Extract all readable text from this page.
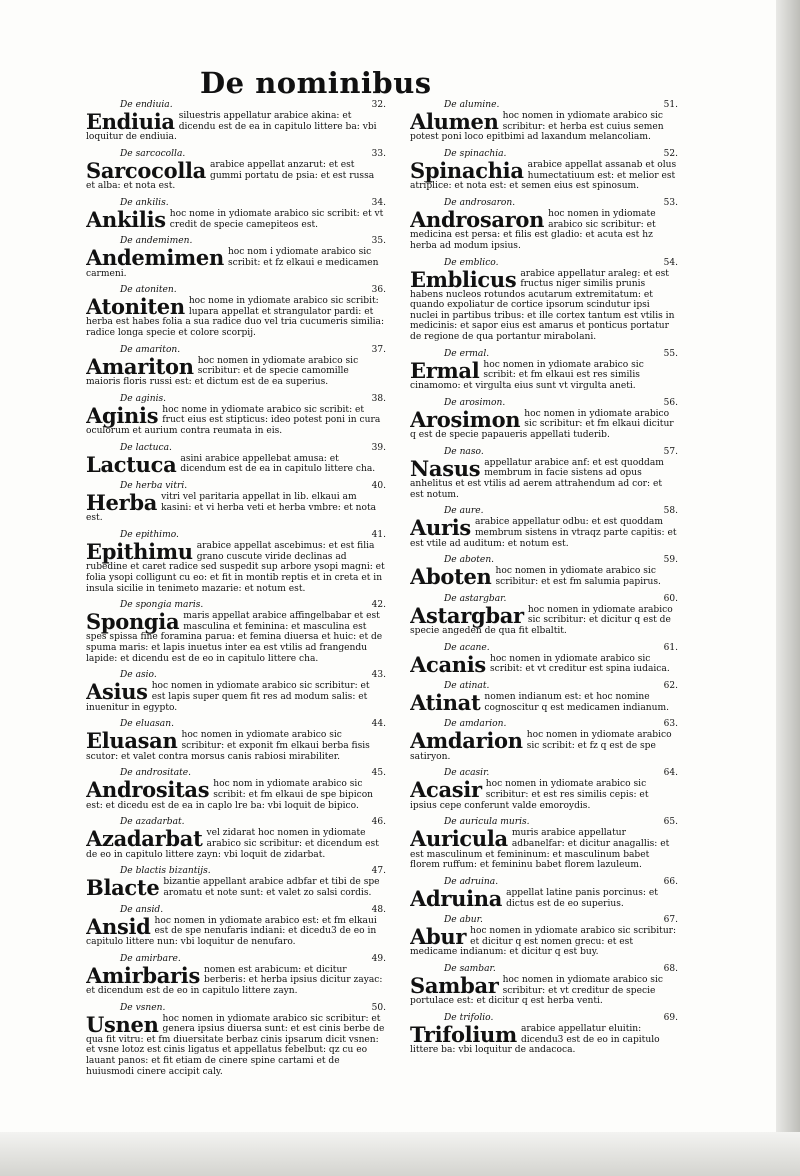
De nominibus
De endiuia.	32.
Endiuia siluestris appellatur arabice akina: et dicendu est de ea in capitulo littere ba: vbi loquitur de endiuia.
De sarcocolla.	33.
Sarcocolla arabice appellat anzarut: et est gummi portatu de psia: et est russa et alba: et nota est.
De ankilis.	34.
Ankilis hoc nome in ydiomate arabico sic scribit: et vt credit de specie camepiteos est.
De andemimen.	35.
Andemimen hoc nom i ydiomate arabico sic scribit: et fz elkaui e medicamen carmeni.
De atoniten.	36.
Atoniten hoc nome in ydiomate arabico sic scribit: lupara appellat et strangulator pardi: et herba est habes folia a sua radice duo vel tria cucumeris similia: radice longa specie et colore scorpij.
De amariton.	37.
Amariton hoc nomen in ydiomate arabico sic scribitur: et de specie camomille maioris floris russi est: et dictum est de ea superius.
De aginis.	38.
Aginis hoc nome in ydiomate arabico sic scribit: et fruct eius est stipticus: ideo potest poni in cura oculorum et aurium contra reumata in eis.
De lactuca.	39.
Lactuca asini arabice appellebat amusa: et dicendum est de ea in capitulo littere cha.
De herba vitri.	40.
Herba vitri vel paritaria appellat in lib. elkaui am kasini: et vi herba veti et herba vmbre: et nota est.
De epithimo.	41.
Epithimu arabice appellat ascebimus: et est filia grano cuscute viride declinas ad rubedine et caret radice sed suspedit sup arbore ysopi magni: et folia ysopi colligunt cu eo: et fit in montib reptis et in creta et in insula sicilie in tenimeto mazarie: et notum est.
De spongia maris.	42.
Spongia maris appellat arabice affingelbabar et est masculina et feminina: et masculina est spes spissa fine foramina parua: et femina diuersa et huic: et de spuma maris: et lapis inuetus inter ea est vtilis ad frangendu lapide: et dicendu est de eo in capitulo littere cha.
De asio.	43.
Asius hoc nomen in ydiomate arabico sic scribitur: et est lapis super quem fit res ad modum salis: et inuenitur in egypto.
De eluasan.	44.
Eluasan hoc nomen in ydiomate arabico sic scribitur: et exponit fm elkaui berba fisis scutor: et valet contra morsus canis rabiosi mirabiliter.
De andrositate.	45.
Andrositas hoc nom in ydiomate arabico sic scribit: et fm elkaui de spe bipicon est: et dicedu est de ea in caplo lre ba: vbi loquit de bipico.
De azadarbat.	46.
Azadarbat vel zidarat hoc nomen in ydiomate arabico sic scribitur: et dicendum est de eo in capitulo littere zayn: vbi loquit de zidarbat.
De blactis bizantijs.	47.
Blacte bizantie appellant arabice adbfar et tibi de spe aromatu et note sunt: et valet zo salsi cordis.
De ansid.	48.
Ansid hoc nomen in ydiomate arabico est: et fm elkaui est de spe nenufaris indiani: et dicedu3 de eo in capitulo littere nun: vbi loquitur de nenufaro.
De amirbare.	49.
Amirbaris nomen est arabicum: et dicitur berberis: et herba ipsius dicitur zayac: et dicendum est de eo in capitulo littere zayn.
De vsnen.	50.
Usnen hoc nomen in ydiomate arabico sic scribitur: et genera ipsius diuersa sunt: et est cinis berbe de qua fit vitru: et fm diuersitate berbaz cinis ipsarum dicit vsnen: et vsne lotoz est cinis ligatus et appellatus febelbut: qz cu eo lauant panos: et fit etiam de cinere spine cartami et de huiusmodi cinere accipit caly.
De alumine.	51.
Alumen hoc nomen in ydiomate arabico sic scribitur: et herba est cuius semen potest poni loco epitbimi ad laxandum melancoliam.
De spinachia.	52.
Spinachia arabice appellat assanab et olus humectatiuum est: et melior est atriplice: et nota est: et semen eius est spinosum.
De androsaron.	53.
Androsaron hoc nomen in ydiomate arabico sic scribitur: et medicina est persa: et filis est gladio: et acuta est hz herba ad modum ipsius.
De emblico.	54.
Emblicus arabice appellatur araleg: et est fructus niger similis prunis habens nucleos rotundos acutarum extremitatum: et quando expoliatur de cortice ipsorum scindutur ipsi nuclei in partibus tribus: et ille cortex tantum est vtilis in medicinis: et sapor eius est amarus et ponticus portatur de regione de qua portantur mirabolani.
De ermal.	55.
Ermal hoc nomen in ydiomate arabico sic scribit: et fm elkaui est res similis cinamomo: et virgulta eius sunt vt virgulta aneti.
De arosimon.	56.
Arosimon hoc nomen in ydiomate arabico sic scribitur: et fm elkaui dicitur q est de specie papaueris appellati tuderib.
De naso.	57.
Nasus appellatur arabice anf: et est quoddam membrum in facie sistens ad opus anhelitus et est vtilis ad aerem attrahendum ad cor: et est notum.
De aure.	58.
Auris arabice appellatur odbu: et est quoddam membrum sistens in vtraqz parte capitis: et est vtile ad auditum: et notum est.
De aboten.	59.
Aboten hoc nomen in ydiomate arabico sic scribitur: et est fm salumia papirus.
De astargbar.	60.
Astargbar hoc nomen in ydiomate arabico sic scribitur: et dicitur q est de specie angeden de qua fit elbaltit.
De acane.	61.
Acanis hoc nomen in ydiomate arabico sic scribit: et vt creditur est spina iudaica.
De atinat.	62.
Atinat nomen indianum est: et hoc nomine cognoscitur q est medicamen indianum.
De amdarion.	63.
Amdarion hoc nomen in ydiomate arabico sic scribit: et fz q est de spe satiryon.
De acasir.	64.
Acasir hoc nomen in ydiomate arabico sic scribitur: et est res similis cepis: et ipsius cepe conferunt valde emoroydis.
De auricula muris.	65.
Auricula muris arabice appellatur adbanelfar: et dicitur anagallis: et est masculinum et femininum: et masculinum babet florem ruffum: et femininu babet florem lazuleum.
De adruina.	66.
Adruina appellat latine panis porcinus: et dictus est de eo superius.
De abur.	67.
Abur hoc nomen in ydiomate arabico sic scribitur: et dicitur q est nomen grecu: et est medicame indianum: et dicitur q est buy.
De sambar.	68.
Sambar hoc nomen in ydiomate arabico sic scribitur: et vt creditur de specie portulace est: et dicitur q est herba venti.
De trifolio.	69.
Trifolium arabice appellatur eluitin: dicendu3 est de eo in capitulo littere ba: vbi loquitur de andacoca.
